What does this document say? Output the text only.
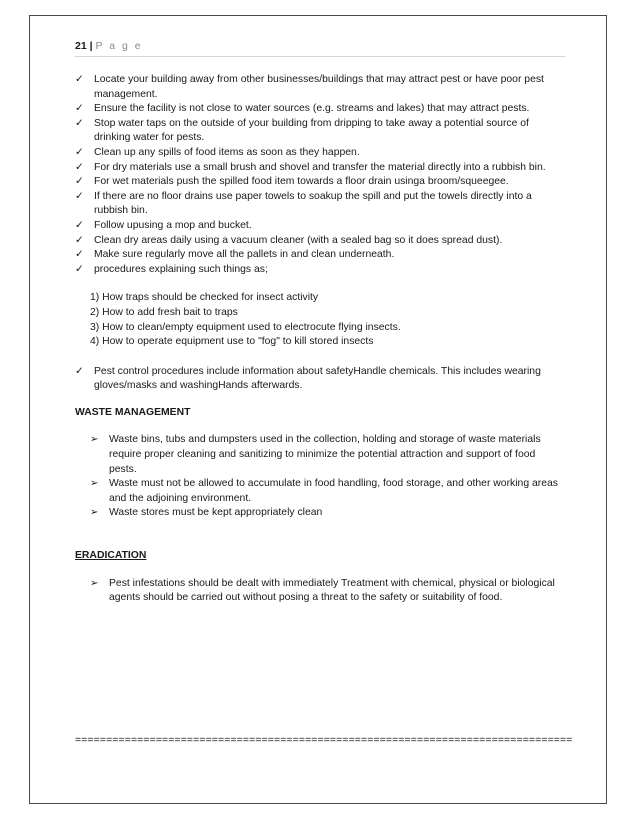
21 | P a g e
✓ Locate your building away from other businesses/buildings that may attract pest or have poor pest management.
✓ Ensure the facility is not close to water sources (e.g. streams and lakes) that may attract pests.
✓ Stop water taps on the outside of your building from dripping to take away a potential source of drinking water for pests.
✓ Clean up any spills of food items as soon as they happen.
✓ For dry materials use a small brush and shovel and transfer the material directly into a rubbish bin.
✓ For wet materials push the spilled food item towards a floor drain usinga broom/squeegee.
✓ If there are no floor drains use paper towels to soakup the spill and put the towels directly into a rubbish bin.
✓ Follow upusing a mop and bucket.
✓ Clean dry areas daily using a vacuum cleaner (with a sealed bag so it does spread dust).
✓ Make sure regularly move all the pallets in and clean underneath.
✓ procedures explaining such things as;
1) How traps should be checked for insect activity
2) How to add fresh bait to traps
3) How to clean/empty equipment used to electrocute flying insects.
4) How to operate equipment use to "fog" to kill stored insects
✓ Pest control procedures include information about safetyHandle chemicals. This includes wearing gloves/masks and washingHands afterwards.
WASTE MANAGEMENT
➢ Waste bins, tubs and dumpsters used in the collection, holding and storage of waste materials require proper cleaning and sanitizing to minimize the potential attraction and support of food pests.
➢ Waste must not be allowed to accumulate in food handling, food storage, and other working areas and the adjoining environment.
➢ Waste stores must be kept appropriately clean
ERADICATION
➢ Pest infestations should be dealt with immediately Treatment with chemical, physical or biological agents should be carried out without posing a threat to the safety or suitability of food.
================================================================================
